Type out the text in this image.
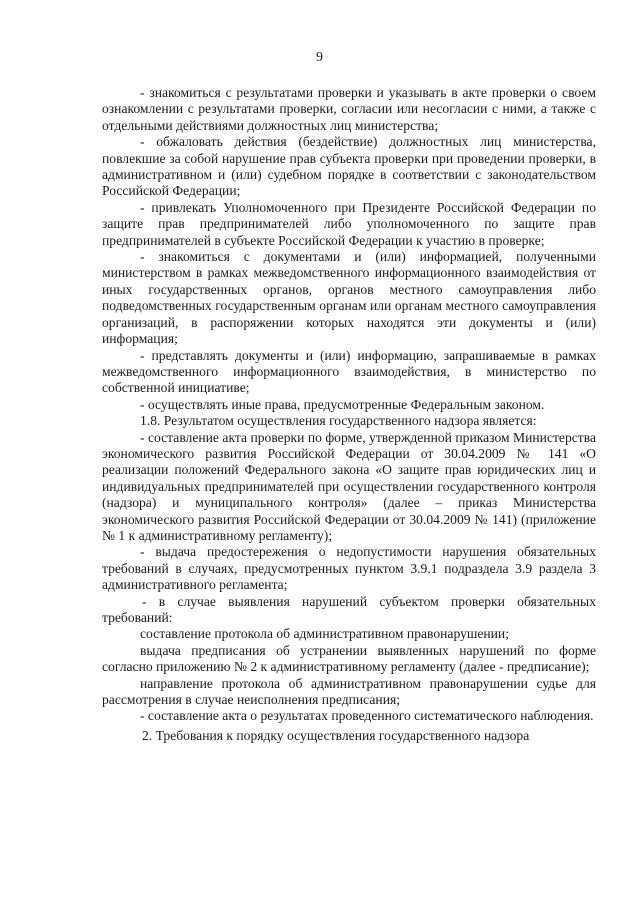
9

- знакомиться с результатами проверки и указывать в акте проверки о своем ознакомлении с результатами проверки, согласии или несогласии с ними, а также с отдельными действиями должностных лиц министерства;

- обжаловать действия (бездействие) должностных лиц министерства, повлекшие за собой нарушение прав субъекта проверки при проведении проверки, в административном и (или) судебном порядке в соответствии с законодательством Российской Федерации;

- привлекать Уполномоченного при Президенте Российской Федерации по защите прав предпринимателей либо уполномоченного по защите прав предпринимателей в субъекте Российской Федерации к участию в проверке;

- знакомиться с документами и (или) информацией, полученными министерством в рамках межведомственного информационного взаимодействия от иных государственных органов, органов местного самоуправления либо подведомственных государственным органам или органам местного самоуправления организаций, в распоряжении которых находятся эти документы и (или) информация;

- представлять документы и (или) информацию, запрашиваемые в рамках межведомственного информационного взаимодействия, в министерство по собственной инициативе;

- осуществлять иные права, предусмотренные Федеральным законом.

1.8. Результатом осуществления государственного надзора является:

- составление акта проверки по форме, утвержденной приказом Министерства экономического развития Российской Федерации от 30.04.2009 № 141 «О реализации положений Федерального закона «О защите прав юридических лиц и индивидуальных предпринимателей при осуществлении государственного контроля (надзора) и муниципального контроля» (далее – приказ Министерства экономического развития Российской Федерации от 30.04.2009 № 141) (приложение № 1 к административному регламенту);

- выдача предостережения о недопустимости нарушения обязательных требований в случаях, предусмотренных пунктом 3.9.1 подраздела 3.9 раздела 3 административного регламента;

- в случае выявления нарушений субъектом проверки обязательных требований:

составление протокола об административном правонарушении;

выдача предписания об устранении выявленных нарушений по форме согласно приложению № 2 к административному регламенту (далее - предписание);

направление протокола об административном правонарушении судье для рассмотрения в случае неисполнения предписания;

- составление акта о результатах проведенного систематического наблюдения.

2. Требования к порядку осуществления государственного надзора
